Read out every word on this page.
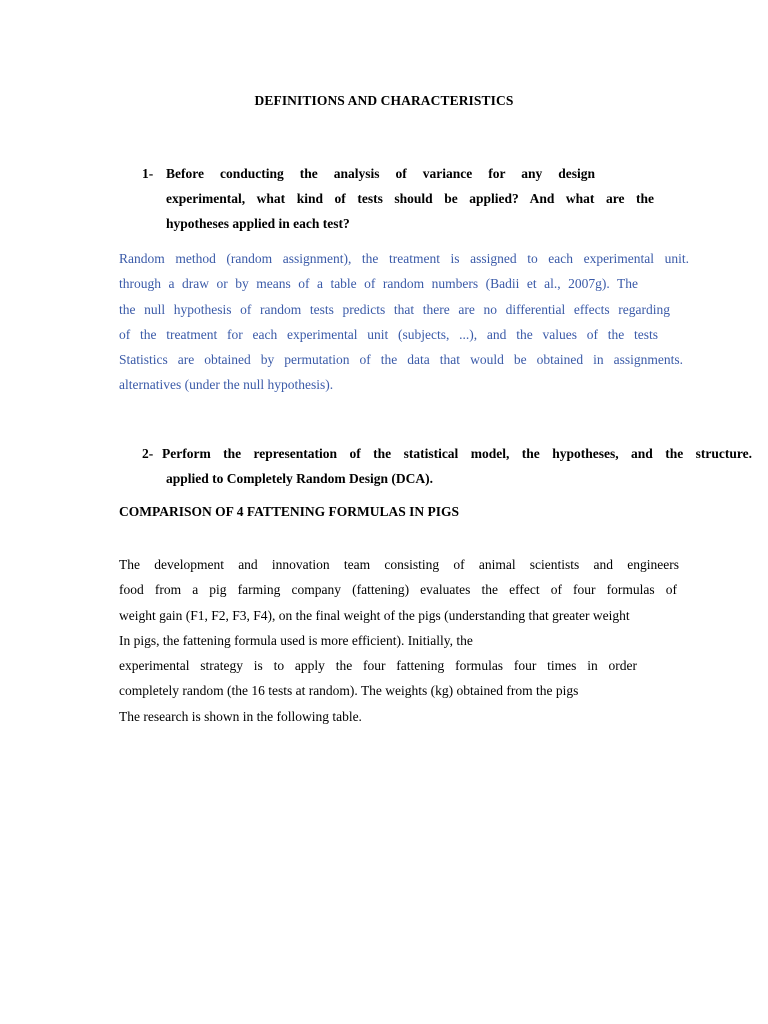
DEFINITIONS AND CHARACTERISTICS
1- Before conducting the analysis of variance for any design
experimental, what kind of tests should be applied? And what are the
hypotheses applied in each test?
Random method (random assignment), the treatment is assigned to each experimental unit.
through a draw or by means of a table of random numbers (Badii et al., 2007g). The
the null hypothesis of random tests predicts that there are no differential effects regarding
of the treatment for each experimental unit (subjects, ...), and the values of the tests
Statistics are obtained by permutation of the data that would be obtained in assignments.
alternatives (under the null hypothesis).
2- Perform the representation of the statistical model, the hypotheses, and the structure.
applied to Completely Random Design (DCA).
COMPARISON OF 4 FATTENING FORMULAS IN PIGS
The development and innovation team consisting of animal scientists and engineers
food from a pig farming company (fattening) evaluates the effect of four formulas of
weight gain (F1, F2, F3, F4), on the final weight of the pigs (understanding that greater weight
In pigs, the fattening formula used is more efficient). Initially, the
experimental strategy is to apply the four fattening formulas four times in order
completely random (the 16 tests at random). The weights (kg) obtained from the pigs
The research is shown in the following table.
